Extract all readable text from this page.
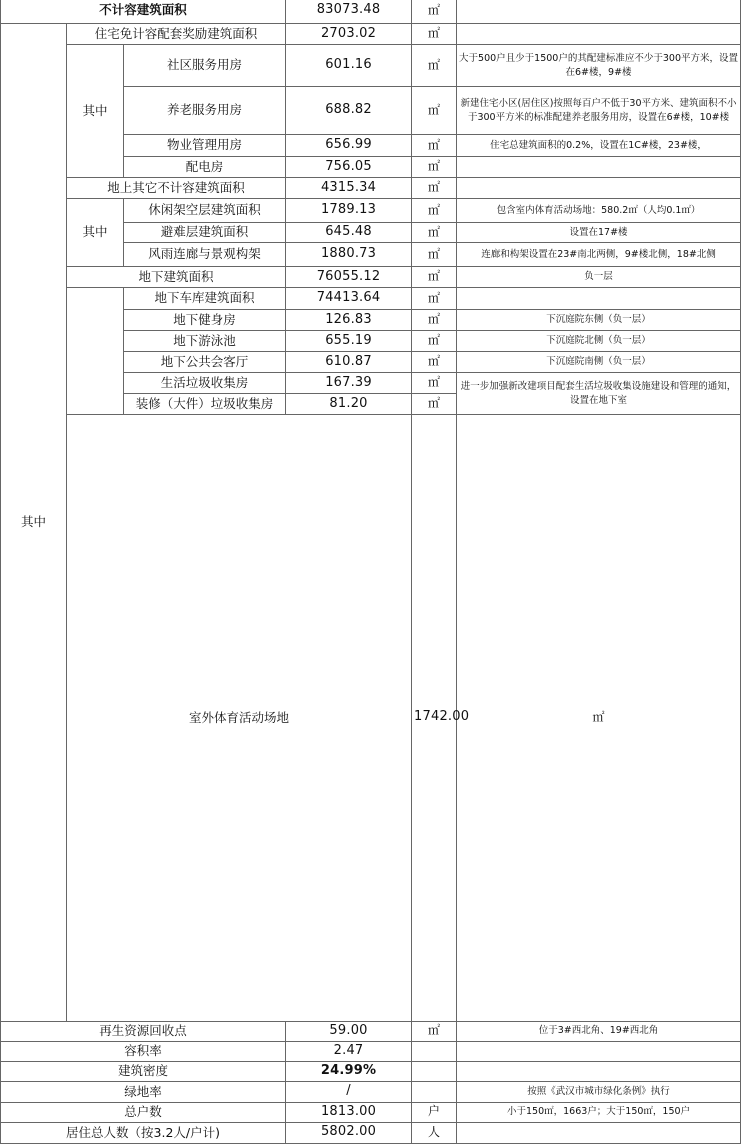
不计容建筑面积			83073.48	㎡		
其中	住宅免计容配套奖励建筑面积		2703.02	㎡		
	其中	社区服务用房	601.16	㎡	大于500户且少于1500户的其配建标准应不少于300平方米，设置在6#楼，9#楼	
		养老服务用房	688.82	㎡	新建住宅小区(居住区)按照每百户不低于30平方米、建筑面积不小于300平方米的标准配建养老服务用房，设置在6#楼，10#楼	
		物业管理用房	656.99	㎡	住宅总建筑面积的0.2%，设置在1C#楼，23#楼，	
		配电房	756.05	㎡		
	地上其它不计容建筑面积		4315.34	㎡		
	其中	休闲架空层建筑面积	1789.13	㎡	包含室内体育活动场地：580.2㎡（人均0.1㎡）	
		避难层建筑面积	645.48	㎡	设置在17#楼	
		风雨连廊与景观构架	1880.73	㎡	连廊和构架设置在23#南北两侧，9#楼北侧，18#北侧	
	地下建筑面积		76055.12	㎡	负一层	
		地下车库建筑面积	74413.64	㎡		
		地下健身房	126.83	㎡	下沉庭院东侧（负一层）	
		地下游泳池	655.19	㎡	下沉庭院北侧（负一层）	
		地下公共会客厅	610.87	㎡	下沉庭院南侧（负一层）	
		生活垃圾收集房	167.39	㎡	进一步加强新改建项目配套生活垃圾收集设施建设和管理的通知，设置在地下室	
		装修（大件）垃圾收集房	81.20	㎡		
	室外体育活动场地			1742.00	㎡	
再生资源回收点			59.00	㎡	位于3#西北角、19#西北角	
容积率			2.47			
建筑密度			24.99%			
绿地率			/		按照《武汉市城市绿化条例》执行	
总户数			1813.00	户	小于150㎡，1663户；大于150㎡，150户	
居住总人数（按3.2人/户计)			5802.00	人		
